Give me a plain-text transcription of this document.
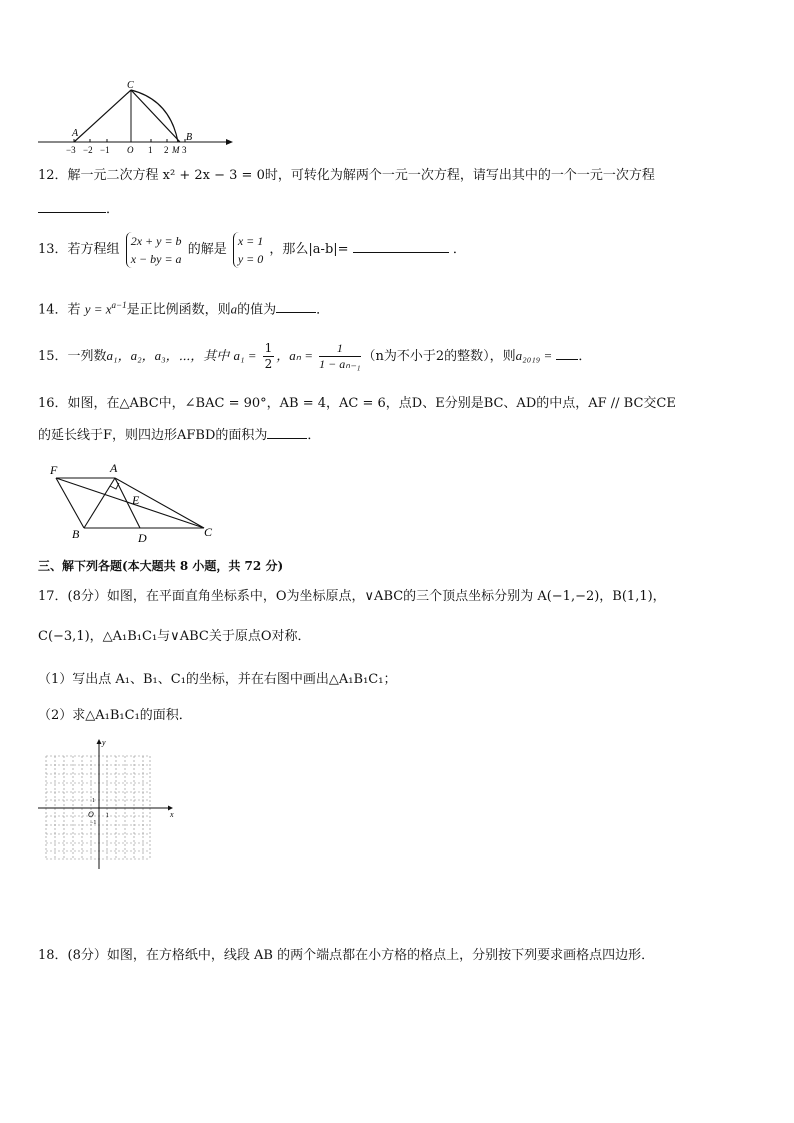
C
A	B
−3 −2 −1 O 1 2 M 3
12．解一元二次方程 x² + 2x − 3 = 0时，可转化为解两个一元一次方程，请写出其中的一个一元一次方程
．
13．若方程组
2x + y = b
x − by = a
的解是
x = 1
y = 0
，那么|a-b|=	．
14．若 $y = x^{a-1}$是正比例函数，则a的值为	．
15．一列数a₁，a₂，a₃，⋯，其中 $a_1 = \frac{1}{2}$ ，$a_n = \frac{1}{\text{1 − aₙ₋₁}} (n$为不小于2的整数），则a₂₀₁₉ = ．
16．如图，在△ABC中，∠BAC = 90°，AB = 4，AC = 6，点D、E分别是BC、AD的中点，AF // BC交CE
的延长线于F，则四边形AFBD的面积为	．
F	A
E
B	D	C
三、解下列各题(本大题共 8 小题，共 72 分)
17．(8分）如图，在平面直角坐标系中，O为坐标原点，∨ABC的三个顶点坐标分别为 A(−1,−2)，B(1,1)，
C(−3,1)，△A₁B₁C₁与∨ABC关于原点O对称．
（1）写出点 A₁、B₁、C₁的坐标，并在右图中画出△A₁B₁C₁；
（2）求△A₁B₁C₁的面积．
x
y
O 1
1
−1
18．(8分）如图，在方格纸中，线段 AB 的两个端点都在小方格的格点上，分别按下列要求画格点四边形．
